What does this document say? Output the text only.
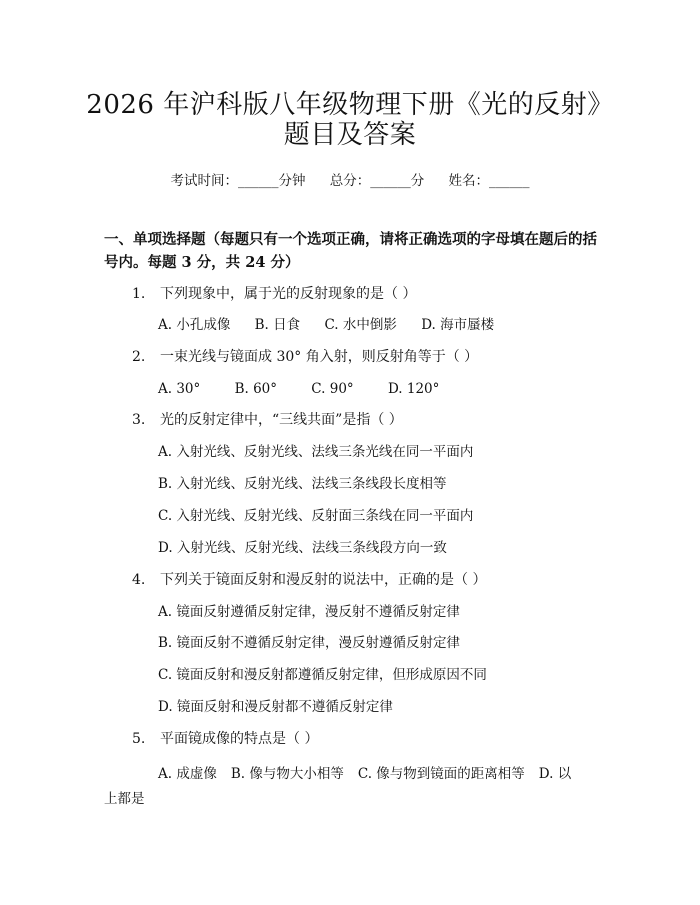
2026 年沪科版八年级物理下册《光的反射》
题目及答案
考试时间：______分钟 总分：______分 姓名：______
一、单项选择题（每题只有一个选项正确，请将正确选项的字母填在题后的括号内。每题 3 分，共 24 分）
1. 下列现象中，属于光的反射现象的是（ ）
A. 小孔成像 B. 日食 C. 水中倒影 D. 海市蜃楼
2. 一束光线与镜面成 30° 角入射，则反射角等于（ ）
A. 30°	B. 60°	C. 90°	D. 120°
3. 光的反射定律中，“三线共面”是指（ ）
A. 入射光线、反射光线、法线三条光线在同一平面内
B. 入射光线、反射光线、法线三条线段长度相等
C. 入射光线、反射光线、反射面三条线在同一平面内
D. 入射光线、反射光线、法线三条线段方向一致
4. 下列关于镜面反射和漫反射的说法中，正确的是（ ）
A. 镜面反射遵循反射定律，漫反射不遵循反射定律
B. 镜面反射不遵循反射定律，漫反射遵循反射定律
C. 镜面反射和漫反射都遵循反射定律，但形成原因不同
D. 镜面反射和漫反射都不遵循反射定律
5. 平面镜成像的特点是（ ）
A. 成虚像 B. 像与物大小相等 C. 像与物到镜面的距离相等 D. 以上都是
